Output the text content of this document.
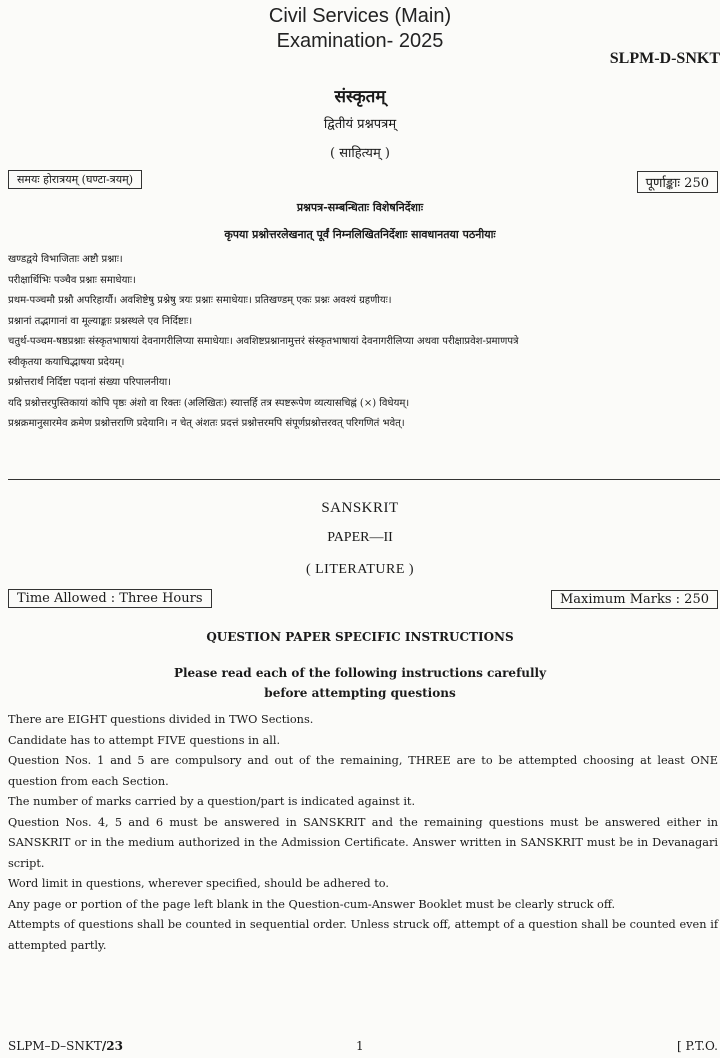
Civil Services (Main)
Examination- 2025
SLPM-D-SNKT
संस्कृतम्
द्वितीयं प्रश्नपत्रम्
( साहित्यम् )
समयः होरात्रयम् (घण्टा-त्रयम्)	पूर्णाङ्काः 250
प्रश्नपत्र-सम्बन्धिताः विशेषनिर्देशाः
कृपया प्रश्नोत्तरलेखनात् पूर्वं निम्नलिखितनिर्देशाः सावधानतया पठनीयाः

खण्डद्वये विभाजिताः अष्टौ प्रश्नाः।

परीक्षार्थिभिः पञ्चैव प्रश्नाः समाधेयाः।

प्रथम-पञ्चमौ प्रश्नौ अपरिहार्यौ। अवशिष्टेषु प्रश्नेषु त्रयः प्रश्नाः समाधेयाः। प्रतिखण्डम् एकः प्रश्नः अवश्यं ग्रहणीयः।

प्रश्नानां तद्भागानां वा मूल्याङ्काः प्रश्नस्थले एव निर्दिष्टाः।

चतुर्थ-पञ्चम-षष्ठप्रश्नाः संस्कृतभाषायां देवनागरीलिप्या समाधेयाः। अवशिष्टप्रश्नानामुत्तरं संस्कृतभाषायां देवनागरीलिप्या अथवा परीक्षाप्रवेश-प्रमाणपत्रे

स्वीकृतया कयाचिद्भाषया प्रदेयम्।

प्रश्नोत्तरार्थं निर्दिष्टा पदानां संख्या परिपालनीया।

यदि प्रश्नोत्तरपुस्तिकायां कोपि पृष्ठः अंशो वा रिक्तः (अलिखितः) स्यात्तर्हि तत्र स्पष्टरूपेण व्यत्यासचिह्नं (×) विधेयम्।

प्रश्नक्रमानुसारमेव क्रमेण प्रश्नोत्तराणि प्रदेयानि। न चेत् अंशतः प्रदत्तं प्रश्नोत्तरमपि संपूर्णप्रश्नोत्तरवत् परिगणितं भवेत्।

SANSKRIT
PAPER—II
( LITERATURE )
Time Allowed : Three Hours	Maximum Marks : 250
QUESTION PAPER SPECIFIC INSTRUCTIONS
Please read each of the following instructions carefully
before attempting questions

There are EIGHT questions divided in TWO Sections.

Candidate has to attempt FIVE questions in all.

Question Nos. 1 and 5 are compulsory and out of the remaining, THREE are to be attempted choosing at least ONE question from each Section.

The number of marks carried by a question/part is indicated against it.

Question Nos. 4, 5 and 6 must be answered in SANSKRIT and the remaining questions must be answered either in SANSKRIT or in the medium authorized in the Admission Certificate. Answer written in SANSKRIT must be in Devanagari script.

Word limit in questions, wherever specified, should be adhered to.

Any page or portion of the page left blank in the Question-cum-Answer Booklet must be clearly struck off.

Attempts of questions shall be counted in sequential order. Unless struck off, attempt of a question shall be counted even if attempted partly.

SLPM–D–SNKT/23	1	[ P.T.O.
